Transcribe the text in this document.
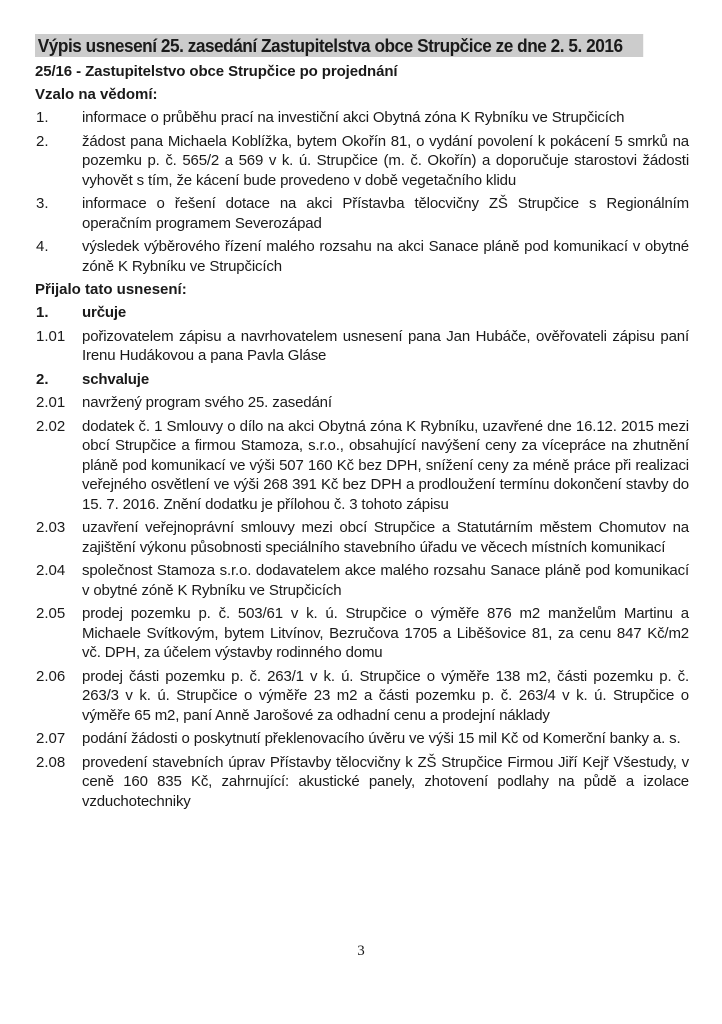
Výpis usnesení 25. zasedání Zastupitelstva obce Strupčice ze dne 2. 5. 2016
25/16 - Zastupitelstvo obce Strupčice po projednání
Vzalo na vědomí:
1.	informace o průběhu prací na investiční akci Obytná zóna K Rybníku ve Strupčicích
2.	žádost pana Michaela Koblížka, bytem Okořín 81, o vydání povolení k pokácení 5 smrků na pozemku p. č. 565/2 a 569 v k. ú. Strupčice (m. č. Okořín) a doporučuje starostovi žádosti vyhovět s tím, že kácení bude provedeno v době vegetačního klidu
3.	informace o řešení dotace na akci Přístavba tělocvičny ZŠ Strupčice s Regionálním operačním programem Severozápad
4.	výsledek výběrového řízení malého rozsahu na akci Sanace pláně pod komunikací v obytné zóně K Rybníku ve Strupčicích
Přijalo tato usnesení:
1.	určuje
1.01	pořizovatelem zápisu a navrhovatelem usnesení pana Jan Hubáče, ověřovateli zápisu paní Irenu Hudákovou a pana Pavla Gláse
2.	schvaluje
2.01	navržený program svého 25. zasedání
2.02	dodatek č. 1 Smlouvy o dílo na akci Obytná zóna K Rybníku, uzavřené dne 16.12. 2015 mezi obcí Strupčice a firmou Stamoza, s.r.o., obsahující navýšení ceny za vícepráce na zhutnění pláně pod komunikací ve výši 507 160 Kč bez DPH, snížení ceny za méně práce při realizaci veřejného osvětlení ve výši 268 391 Kč bez DPH a prodloužení termínu dokončení stavby do 15. 7. 2016. Znění dodatku je přílohou č. 3 tohoto zápisu
2.03	uzavření veřejnoprávní smlouvy mezi obcí Strupčice a Statutárním městem Chomutov na zajištění výkonu působnosti speciálního stavebního úřadu ve věcech místních komunikací
2.04	společnost Stamoza s.r.o. dodavatelem akce malého rozsahu Sanace pláně pod komunikací v obytné zóně K Rybníku ve Strupčicích
2.05	prodej pozemku p. č. 503/61 v k. ú. Strupčice o výměře 876 m2 manželům Martinu a Michaele Svítkovým, bytem Litvínov, Bezručova 1705 a Liběšovice 81, za cenu 847 Kč/m2 vč. DPH, za účelem výstavby rodinného domu
2.06	prodej části pozemku p. č. 263/1 v k. ú. Strupčice o výměře 138 m2, části pozemku p. č. 263/3 v k. ú. Strupčice o výměře 23 m2 a části pozemku p. č. 263/4 v k. ú. Strupčice o výměře 65 m2, paní Anně Jarošové za odhadní cenu a prodejní náklady
2.07	podání žádosti o poskytnutí překlenovacího úvěru ve výši 15 mil Kč od Komerční banky a. s.
2.08	provedení stavebních úprav Přístavby tělocvičny k ZŠ Strupčice Firmou Jiří Kejř Všestudy, v ceně 160 835 Kč, zahrnující: akustické panely, zhotovení podlahy na půdě a izolace vzduchotechniky
3
